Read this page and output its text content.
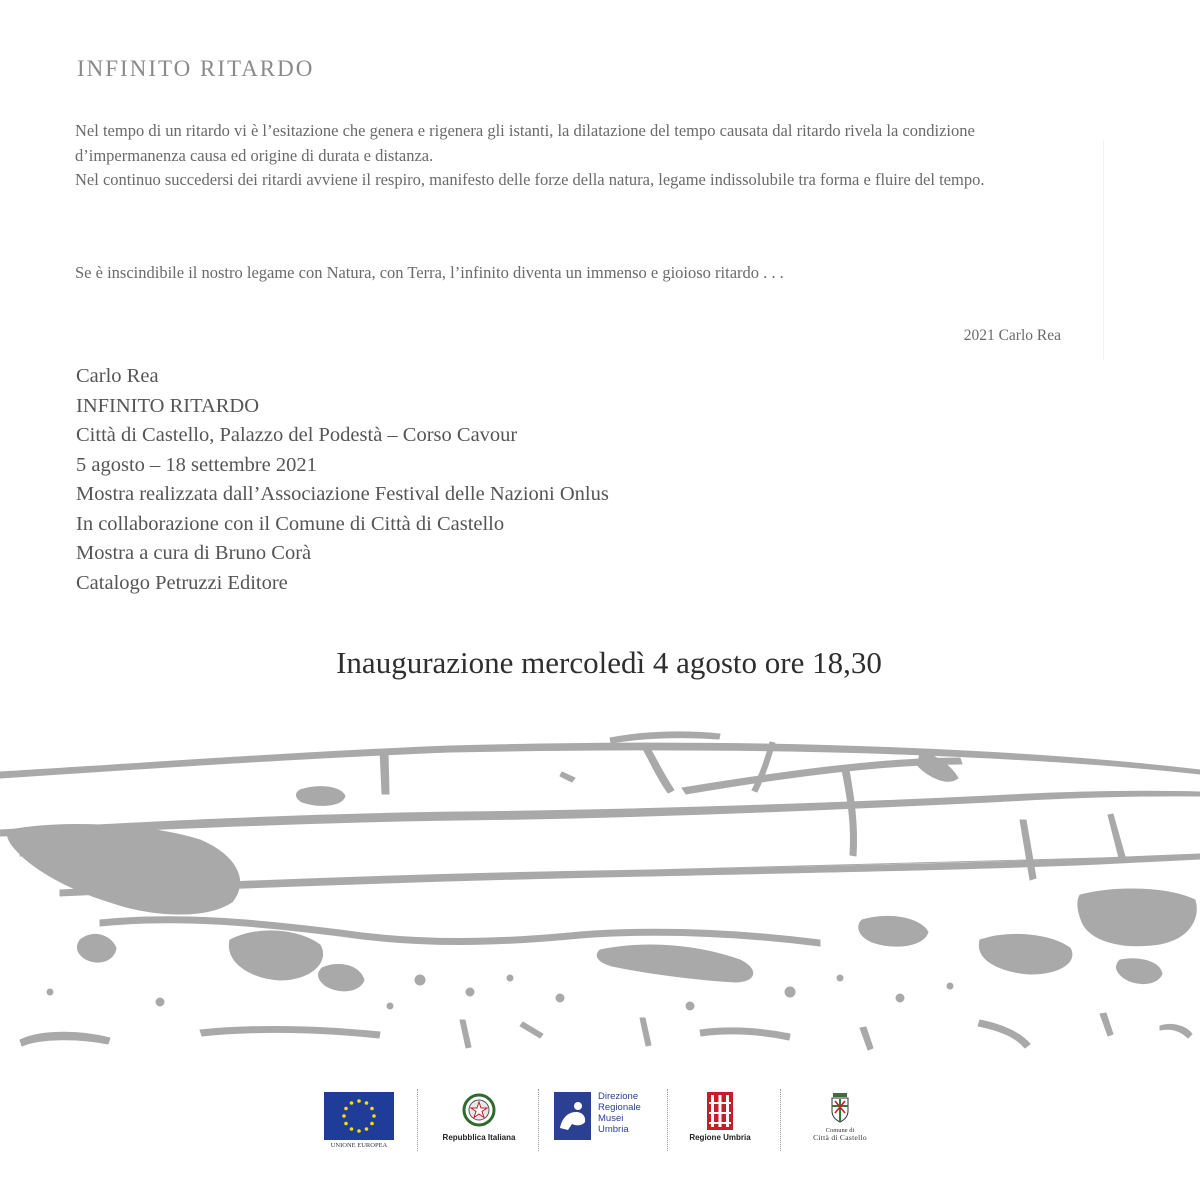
INFINITO RITARDO
Nel tempo di un ritardo vi è l’esitazione che genera e rigenera gli istanti, la dilatazione del tempo causata dal ritardo rivela la condizione d’impermanenza causa ed origine di durata e distanza.
Nel continuo succedersi dei ritardi avviene il respiro, manifesto delle forze della natura, legame indissolubile tra forma e fluire del tempo.
Se è inscindibile il nostro legame con Natura, con Terra, l’infinito diventa un immenso e gioioso ritardo . . .
2021 Carlo Rea
Carlo Rea
INFINITO RITARDO
Città di Castello, Palazzo del Podestà – Corso Cavour
5 agosto – 18 settembre 2021
Mostra realizzata dall’Associazione Festival delle Nazioni Onlus
In collaborazione con il Comune di Città di Castello
Mostra a cura di Bruno Corà
Catalogo Petruzzi Editore
Inaugurazione mercoledì 4 agosto ore 18,30
UNIONE EUROPEA
Repubblica Italiana
Direzione
Regionale
Musei
Umbria
Regione Umbria
Comune di
Città di Castello
